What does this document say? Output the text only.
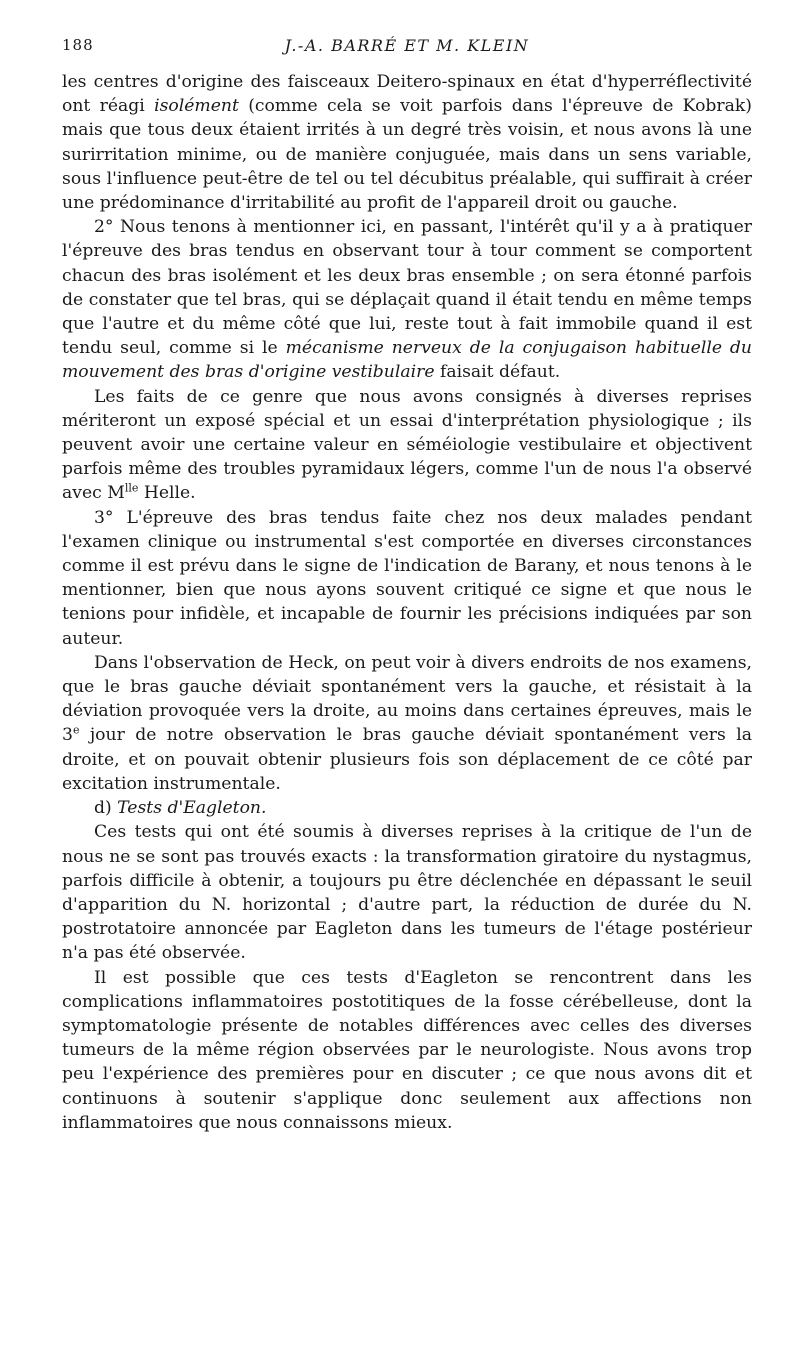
188	J.-A. BARRÉ ET M. KLEIN

les centres d'origine des faisceaux Deitero-spinaux en état d'hyperréflectivité ont réagi isolément (comme cela se voit parfois dans l'épreuve de Kobrak) mais que tous deux étaient irrités à un degré très voisin, et nous avons là une surirritation minime, ou de manière conjuguée, mais dans un sens variable, sous l'influence peut-être de tel ou tel décubitus préalable, qui suffirait à créer une prédominance d'irritabilité au profit de l'appareil droit ou gauche.

2° Nous tenons à mentionner ici, en passant, l'intérêt qu'il y a à pratiquer l'épreuve des bras tendus en observant tour à tour comment se comportent chacun des bras isolément et les deux bras ensemble ; on sera étonné parfois de constater que tel bras, qui se déplaçait quand il était tendu en même temps que l'autre et du même côté que lui, reste tout à fait immobile quand il est tendu seul, comme si le mécanisme nerveux de la conjugaison habituelle du mouvement des bras d'origine vestibulaire faisait défaut.

Les faits de ce genre que nous avons consignés à diverses reprises mériteront un exposé spécial et un essai d'interprétation physiologique ; ils peuvent avoir une certaine valeur en séméiologie vestibulaire et objectivent parfois même des troubles pyramidaux légers, comme l'un de nous l'a observé avec $M^{lle}$ Helle.

3° L'épreuve des bras tendus faite chez nos deux malades pendant l'examen clinique ou instrumental s'est comportée en diverses circonstances comme il est prévu dans le signe de l'indication de Barany, et nous tenons à le mentionner, bien que nous ayons souvent critiqué ce signe et que nous le tenions pour infidèle, et incapable de fournir les précisions indiquées par son auteur.

Dans l'observation de Heck, on peut voir à divers endroits de nos examens, que le bras gauche déviait spontanément vers la gauche, et résistait à la déviation provoquée vers la droite, au moins dans certaines épreuves, mais le 3e jour de notre observation le bras gauche déviait spontanément vers la droite, et on pouvait obtenir plusieurs fois son déplacement de ce côté par excitation instrumentale.

d) Tests d'Eagleton.

Ces tests qui ont été soumis à diverses reprises à la critique de l'un de nous ne se sont pas trouvés exacts : la transformation giratoire du nystagmus, parfois difficile à obtenir, a toujours pu être déclenchée en dépassant le seuil d'apparition du N. horizontal ; d'autre part, la réduction de durée du N. postrotatoire annoncée par Eagleton dans les tumeurs de l'étage postérieur n'a pas été observée.

Il est possible que ces tests d'Eagleton se rencontrent dans les complications inflammatoires postotitiques de la fosse cérébelleuse, dont la symptomatologie présente de notables différences avec celles des diverses tumeurs de la même région observées par le neurologiste. Nous avons trop peu l'expérience des premières pour en discuter ; ce que nous avons dit et continuons à soutenir s'applique donc seulement aux affections non inflammatoires que nous connaissons mieux.
